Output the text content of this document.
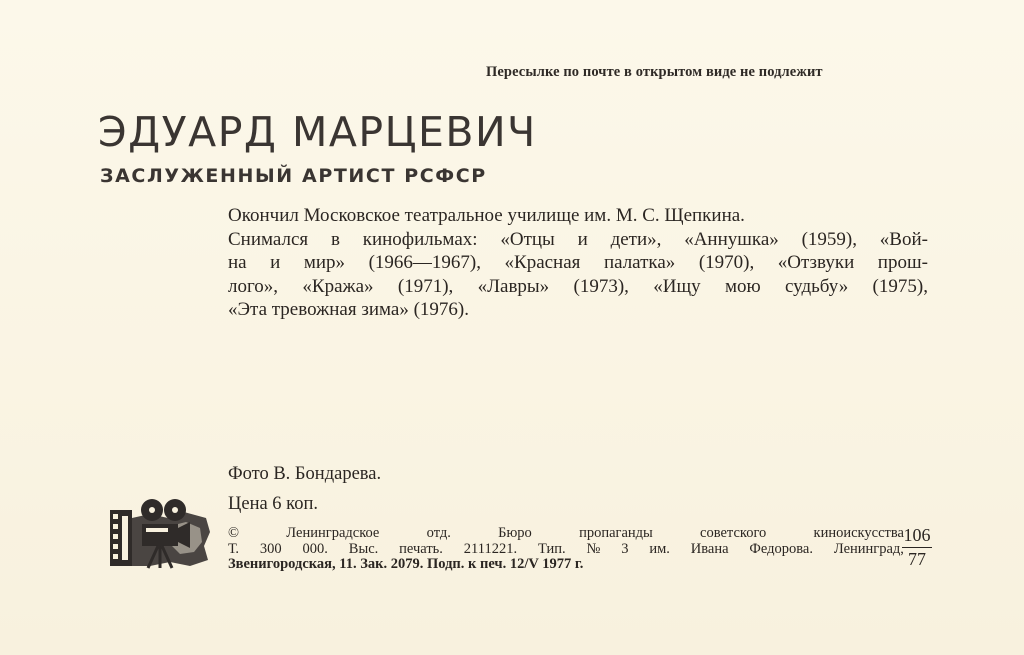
Пересылке по почте в открытом виде не подлежит
ЭДУАРД МАРЦЕВИЧ
ЗАСЛУЖЕННЫЙ АРТИСТ РСФСР
Окончил Московское театральное училище им. М. С. Щепкина.
Снимался в кинофильмах: «Отцы и дети», «Аннушка» (1959), «Вой-
на и мир» (1966—1967), «Красная палатка» (1970), «Отзвуки прош-
лого», «Кража» (1971), «Лавры» (1973), «Ищу мою судьбу» (1975),
«Эта тревожная зима» (1976).
Фото В. Бондарева.
Цена 6 коп.
©	Ленинградское	отд.	Бюро	пропаганды	советского	киноискусства
Т. 300 000. Выс. печать. 2111221. Тип. № 3 им. Ивана Федорова. Ленинград,
Звенигородская, 11. Зак. 2079. Подп. к печ. 12/V 1977 г.
106
77
